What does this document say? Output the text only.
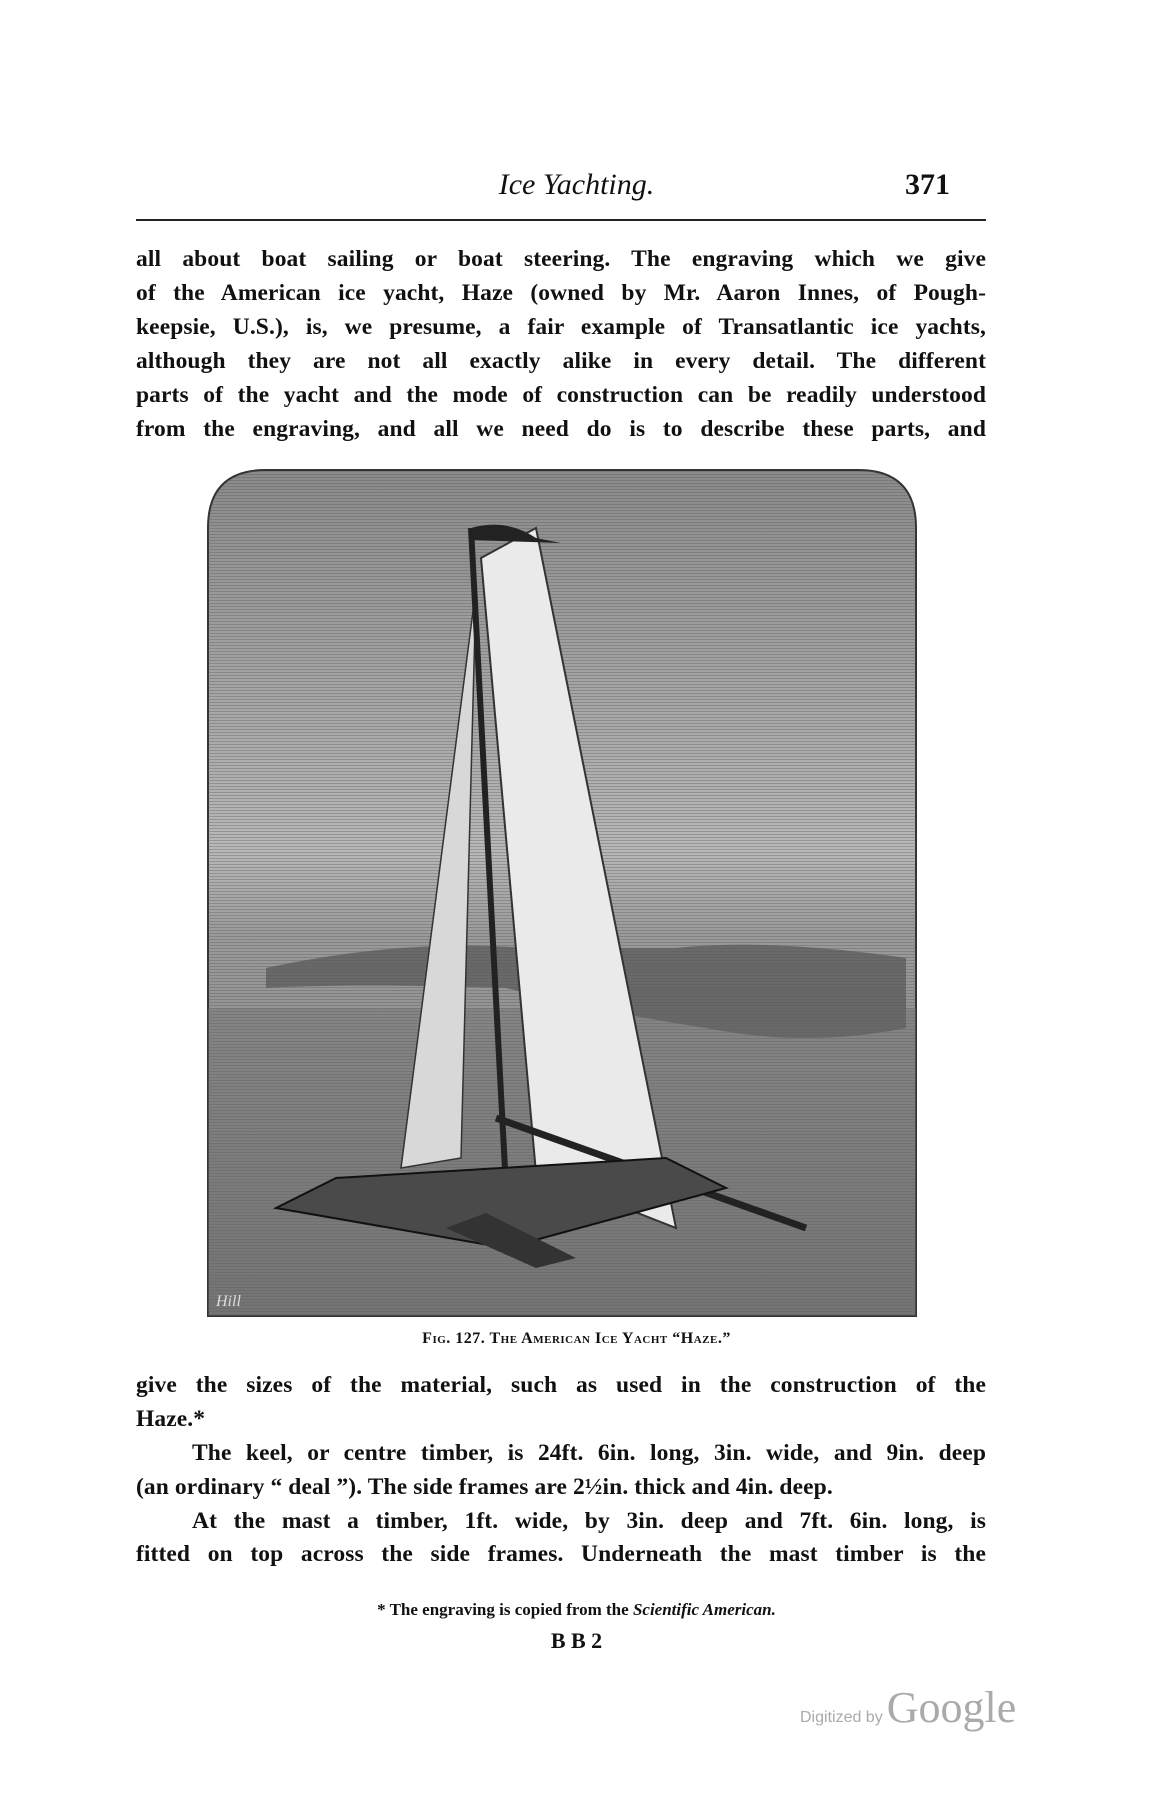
Ice Yachting.	371
all about boat sailing or boat steering. The engraving which we give
of the American ice yacht, Haze (owned by Mr. Aaron Innes, of Pough-
keepsie, U.S.), is, we presume, a fair example of Transatlantic ice yachts,
although they are not all exactly alike in every detail. The different
parts of the yacht and the mode of construction can be readily understood
from the engraving, and all we need do is to describe these parts, and
Hill
Fig. 127. The American Ice Yacht “Haze.”
give the sizes of the material, such as used in the construction of the
Haze.*
The keel, or centre timber, is 24ft. 6in. long, 3in. wide, and 9in. deep
(an ordinary “ deal ”). The side frames are 2½in. thick and 4in. deep.
At the mast a timber, 1ft. wide, by 3in. deep and 7ft. 6in. long, is
fitted on top across the side frames. Underneath the mast timber is the
* The engraving is copied from the Scientific American.
B B 2
Digitized by Google
